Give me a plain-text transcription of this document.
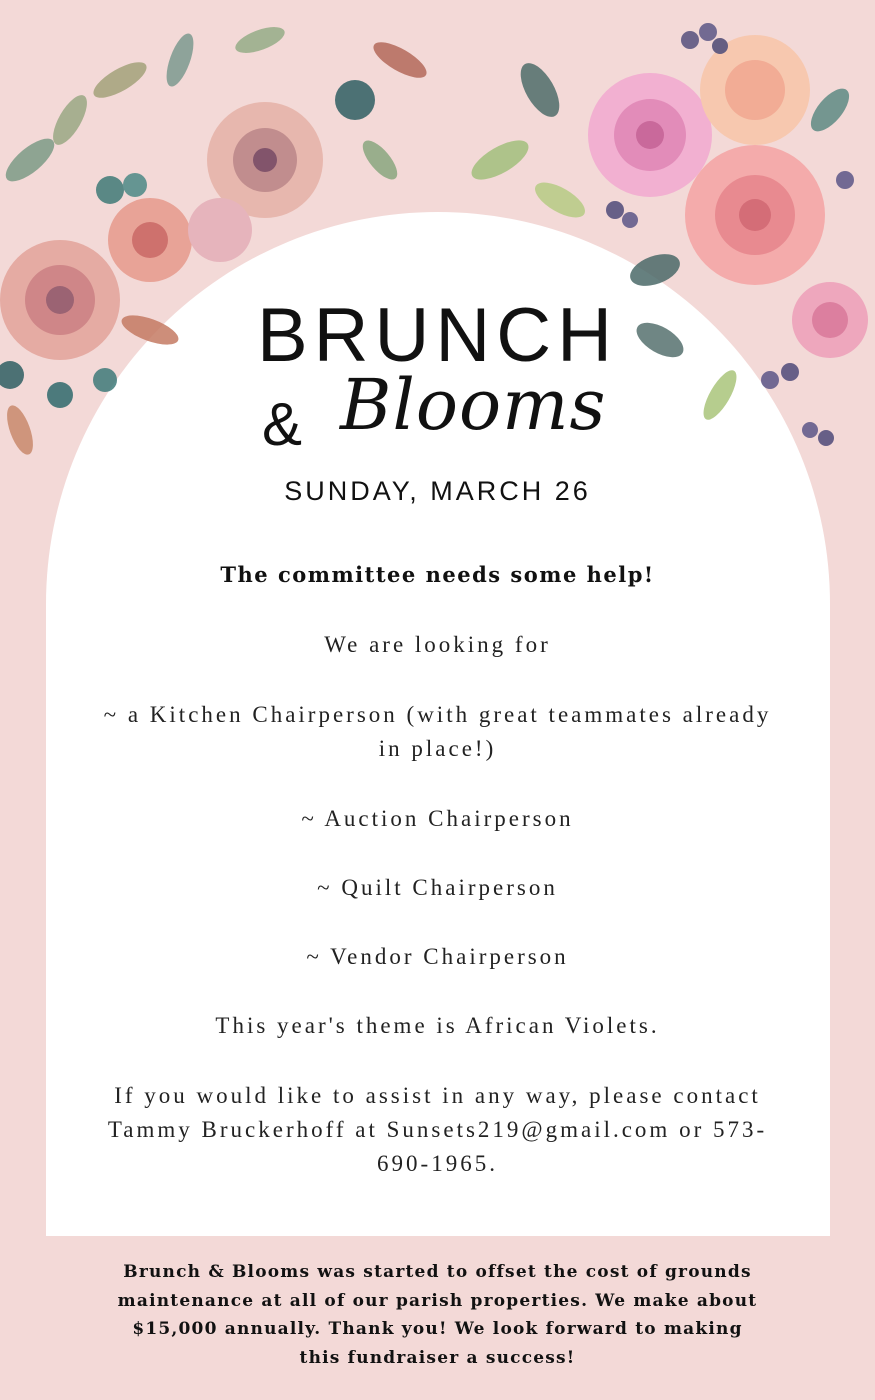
BRUNCH
& Blooms
SUNDAY, MARCH 26
The committee needs some help!
We are looking for
~ a Kitchen Chairperson (with great teammates already in place!)
~ Auction Chairperson
~ Quilt Chairperson
~ Vendor Chairperson
This year's theme is African Violets.
If you would like to assist in any way, please contact Tammy Bruckerhoff at Sunsets219@gmail.com or 573-690-1965.
Brunch & Blooms was started to offset the cost of grounds maintenance at all of our parish properties. We make about $15,000 annually. Thank you! We look forward to making this fundraiser a success!
